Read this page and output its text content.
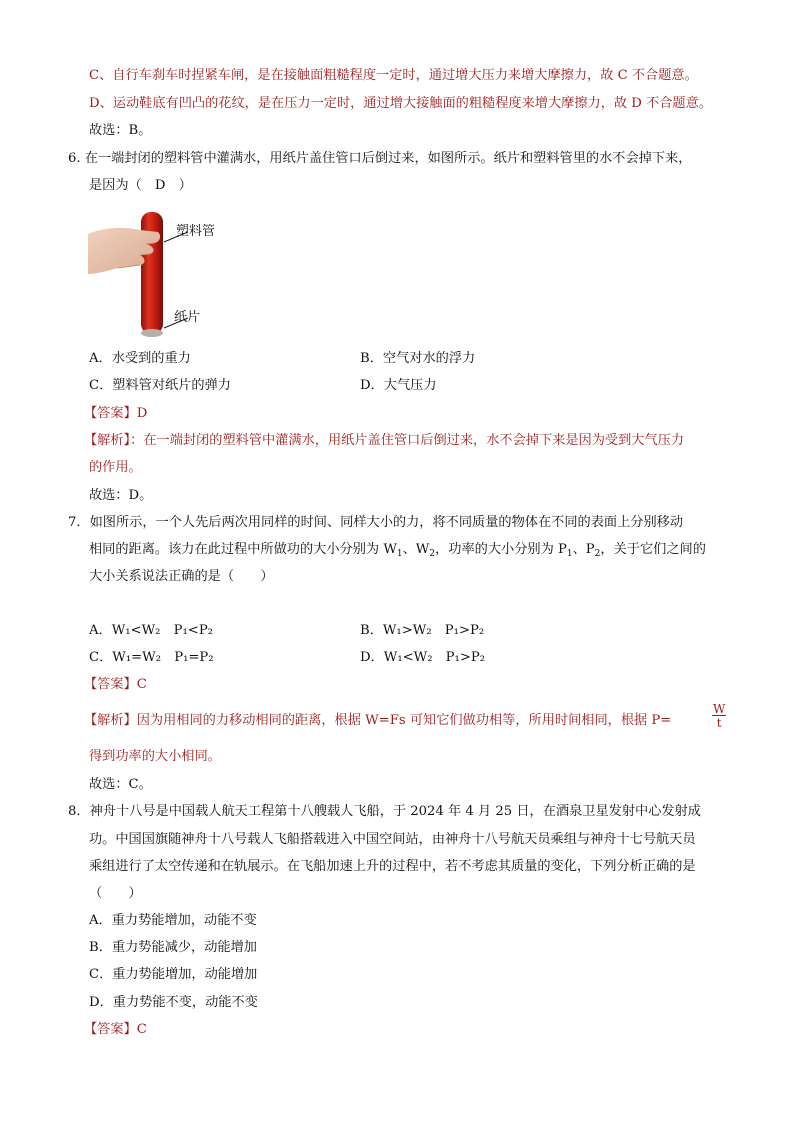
C、自行车刹车时捏紧车闸，是在接触面粗糙程度一定时，通过增大压力来增大摩擦力，故 C 不合题意。
D、运动鞋底有凹凸的花纹，是在压力一定时，通过增大接触面的粗糙程度来增大摩擦力，故 D 不合题意。
故选：B。
6. 在一端封闭的塑料管中灌满水，用纸片盖住管口后倒过来，如图所示。纸片和塑料管里的水不会掉下来，
是因为（　D　）
塑料管
纸片
A．水受到的重力	B．空气对水的浮力
C．塑料管对纸片的弹力	D．大气压力
【答案】D
【解析】：在一端封闭的塑料管中灌满水，用纸片盖住管口后倒过来，水不会掉下来是因为受到大气压力
的作用。
故选：D。
7．如图所示，一个人先后两次用同样的时间、同样大小的力，将不同质量的物体在不同的表面上分别移动
相同的距离。该力在此过程中所做功的大小分别为 $W_1$、$W_2$，功率的大小分别为 $P_1$、$P_2$，关于它们之间的
大小关系说法正确的是（　　）
A．W₁<W₂　P₁<P₂	B．W₁>W₂　P₁>P₂
C．W₁=W₂　P₁=P₂	D．W₁<W₂　P₁>P₂
【答案】C
【解析】因为用相同的力移动相同的距离，根据 W=Fs 可知它们做功相等，所用时间相同，根据 P=	$\frac{W}{t}$
得到功率的大小相同。
故选：C。
8．神舟十八号是中国载人航天工程第十八艘载人飞船，于 2024 年 4 月 25 日，在酒泉卫星发射中心发射成
功。中国国旗随神舟十八号载人飞船搭载进入中国空间站，由神舟十八号航天员乘组与神舟十七号航天员
乘组进行了太空传递和在轨展示。在飞船加速上升的过程中，若不考虑其质量的变化，下列分析正确的是
（　　）
A．重力势能增加，动能不变
B．重力势能减少，动能增加
C．重力势能增加，动能增加
D．重力势能不变，动能不变
【答案】C
